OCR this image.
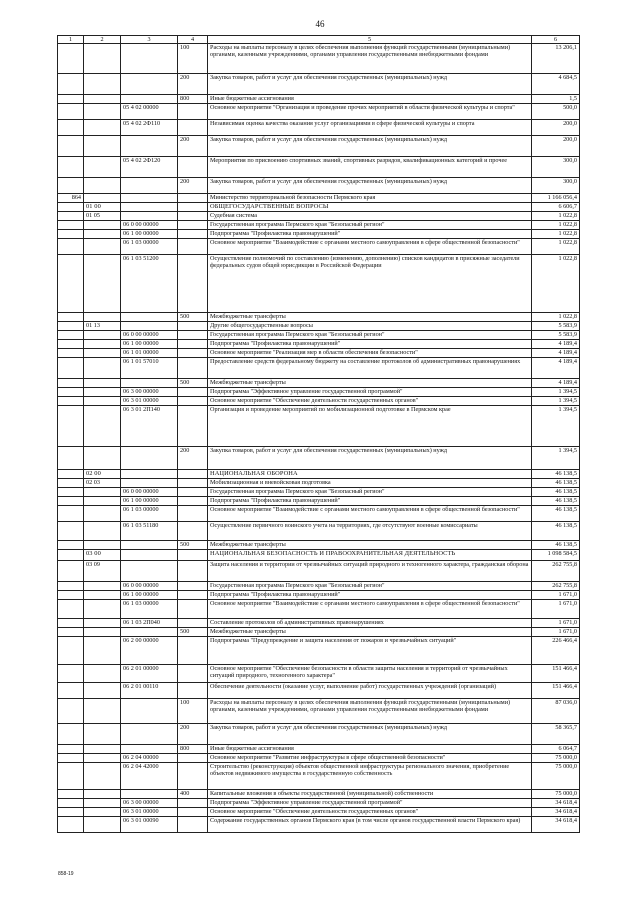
46
1	2	3	4	5	6
			100	Расходы на выплаты персоналу в целях обеспечения выполнения функций государственными (муниципальными) органами, казенными учреждениями, органами управления государственными внебюджетными фондами	13 206,1
			200	Закупка товаров, работ и услуг для обеспечения государственных (муниципальных) нужд	4 684,5
			800	Иные бюджетные ассигнования	1,5
		05 4 02 00000		Основное мероприятие "Организация и проведение прочих мероприятий в области физической культуры и спорта"	500,0
		05 4 02 2Ф110		Независимая оценка качества оказания услуг организациями в сфере физической культуры и спорта	200,0
			200	Закупка товаров, работ и услуг для обеспечения государственных (муниципальных) нужд	200,0
		05 4 02 2Ф120		Мероприятия по присвоению спортивных званий, спортивных разрядов, квалификационных категорий и прочее	300,0
			200	Закупка товаров, работ и услуг для обеспечения государственных (муниципальных) нужд	300,0
864				Министерство территориальной безопасности Пермского края	1 166 056,4
	01 00			ОБЩЕГОСУДАРСТВЕННЫЕ ВОПРОСЫ	6 606,7
	01 05			Судебная система	1 022,8
		06 0 00 00000		Государственная программа Пермского края "Безопасный регион"	1 022,8
		06 1 00 00000		Подпрограмма "Профилактика правонарушений"	1 022,8
		06 1 03 00000		Основное мероприятие "Взаимодействие с органами местного самоуправления в сфере общественной безопасности"	1 022,8
		06 1 03 51200		Осуществление полномочий по составлению (изменению, дополнению) списков кандидатов в присяжные заседатели федеральных судов общей юрисдикции в Российской Федерации	1 022,8
			500	Межбюджетные трансферты	1 022,8
	01 13			Другие общегосударственные вопросы	5 583,9
		06 0 00 00000		Государственная программа Пермского края "Безопасный регион"	5 583,9
		06 1 00 00000		Подпрограмма "Профилактика правонарушений"	4 189,4
		06 1 01 00000		Основное мероприятие "Реализация мер в области обеспечения безопасности"	4 189,4
		06 1 01 57010		Предоставление средств федеральному бюджету на составление протоколов об административных правонарушениях	4 189,4
			500	Межбюджетные трансферты	4 189,4
		06 3 00 00000		Подпрограмма "Эффективное управление государственной программой"	1 394,5
		06 3 01 00000		Основное мероприятие "Обеспечение деятельности государственных органов"	1 394,5
		06 3 01 2П140		Организация и проведение мероприятий по мобилизационной подготовке в Пермском крае	1 394,5
			200	Закупка товаров, работ и услуг для обеспечения государственных (муниципальных) нужд	1 394,5
	02 00			НАЦИОНАЛЬНАЯ ОБОРОНА	46 138,5
	02 03			Мобилизационная и вневойсковая подготовка	46 138,5
		06 0 00 00000		Государственная программа Пермского края "Безопасный регион"	46 138,5
		06 1 00 00000		Подпрограмма "Профилактика правонарушений"	46 138,5
		06 1 03 00000		Основное мероприятие "Взаимодействие с органами местного самоуправления в сфере общественной безопасности"	46 138,5
		06 1 03 51180		Осуществление первичного воинского учета на территориях, где отсутствуют военные комиссариаты	46 138,5
			500	Межбюджетные трансферты	46 138,5
	03 00			НАЦИОНАЛЬНАЯ БЕЗОПАСНОСТЬ И ПРАВООХРАНИТЕЛЬНАЯ ДЕЯТЕЛЬНОСТЬ	1 098 584,5
	03 09			Защита населения и территории от чрезвычайных ситуаций природного и техногенного характера, гражданская оборона	262 755,8
		06 0 00 00000		Государственная программа Пермского края "Безопасный регион"	262 755,8
		06 1 00 00000		Подпрограмма "Профилактика правонарушений"	1 671,0
		06 1 03 00000		Основное мероприятие "Взаимодействие с органами местного самоуправления в сфере общественной безопасности"	1 671,0
		06 1 03 2П040		Составление протоколов об административных правонарушениях	1 671,0
			500	Межбюджетные трансферты	1 671,0
		06 2 00 00000		Подпрограмма "Предупреждение и защита населения от пожаров и чрезвычайных ситуаций"	226 466,4
		06 2 01 00000		Основное мероприятие "Обеспечение безопасности в области защиты населения и территорий от чрезвычайных ситуаций природного, техногенного характера"	151 466,4
		06 2 01 00110		Обеспечение деятельности (оказание услуг, выполнение работ) государственных учреждений (организаций)	151 466,4
			100	Расходы на выплаты персоналу в целях обеспечения выполнения функций государственными (муниципальными) органами, казенными учреждениями, органами управления государственными внебюджетными фондами	87 036,0
			200	Закупка товаров, работ и услуг для обеспечения государственных (муниципальных) нужд	58 365,7
			800	Иные бюджетные ассигнования	6 064,7
		06 2 04 00000		Основное мероприятие "Развитие инфраструктуры в сфере общественной безопасности"	75 000,0
		06 2 04 42000		Строительство (реконструкция) объектов общественной инфраструктуры регионального значения, приобретение объектов недвижимого имущества в государственную собственность	75 000,0
			400	Капитальные вложения в объекты государственной (муниципальной) собственности	75 000,0
		06 3 00 00000		Подпрограмма "Эффективное управление государственной программой"	34 618,4
		06 3 01 00000		Основное мероприятие "Обеспечение деятельности государственных органов"	34 618,4
		06 3 01 00090		Содержание государственных органов Пермского края (в том числе органов государственной власти Пермского края)	34 618,4
858-19
